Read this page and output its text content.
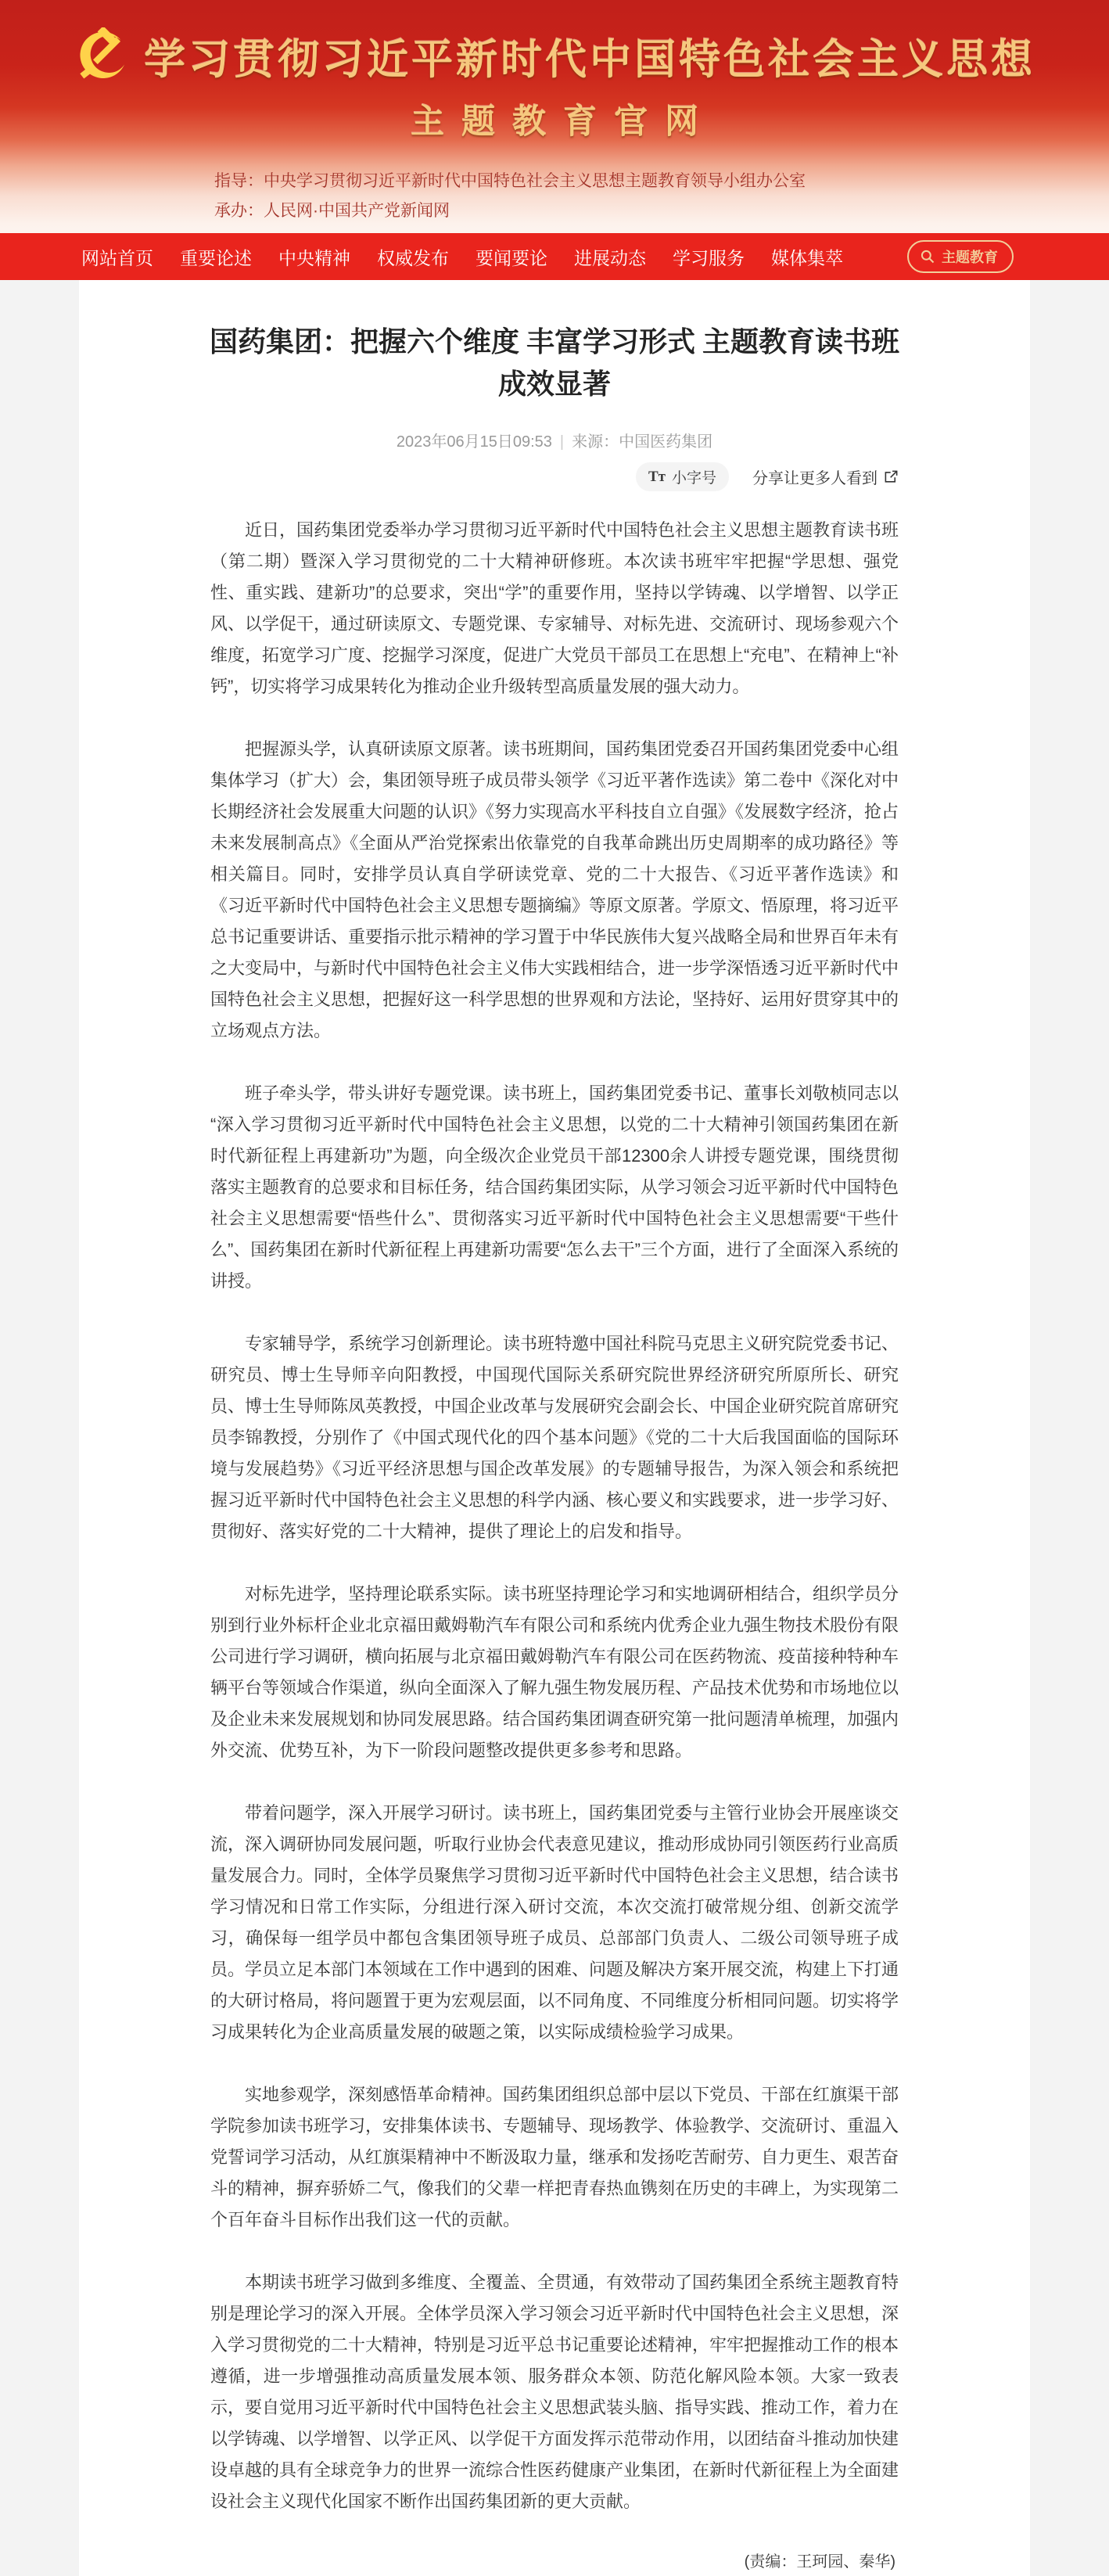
学习贯彻习近平新时代中国特色社会主义思想
主题教育官网
指导：中央学习贯彻习近平新时代中国特色社会主义思想主题教育领导小组办公室
承办：人民网·中国共产党新闻网
网站首页 重要论述 中央精神 权威发布 要闻要论 进展动态 学习服务 媒体集萃	主题教育
国药集团：把握六个维度 丰富学习形式 主题教育读书班成效显著
2023年06月15日09:53 | 来源：中国医药集团
Tᴛ 小字号 分享让更多人看到

近日，国药集团党委举办学习贯彻习近平新时代中国特色社会主义思想主题教育读书班（第二期）暨深入学习贯彻党的二十大精神研修班。本次读书班牢牢把握“学思想、强党性、重实践、建新功”的总要求，突出“学”的重要作用，坚持以学铸魂、以学增智、以学正风、以学促干，通过研读原文、专题党课、专家辅导、对标先进、交流研讨、现场参观六个维度，拓宽学习广度、挖掘学习深度，促进广大党员干部员工在思想上“充电”、在精神上“补钙”，切实将学习成果转化为推动企业升级转型高质量发展的强大动力。

把握源头学，认真研读原文原著。读书班期间，国药集团党委召开国药集团党委中心组集体学习（扩大）会，集团领导班子成员带头领学《习近平著作选读》第二卷中《深化对中长期经济社会发展重大问题的认识》《努力实现高水平科技自立自强》《发展数字经济，抢占未来发展制高点》《全面从严治党探索出依靠党的自我革命跳出历史周期率的成功路径》等相关篇目。同时，安排学员认真自学研读党章、党的二十大报告、《习近平著作选读》和《习近平新时代中国特色社会主义思想专题摘编》等原文原著。学原文、悟原理，将习近平总书记重要讲话、重要指示批示精神的学习置于中华民族伟大复兴战略全局和世界百年未有之大变局中，与新时代中国特色社会主义伟大实践相结合，进一步学深悟透习近平新时代中国特色社会主义思想，把握好这一科学思想的世界观和方法论，坚持好、运用好贯穿其中的立场观点方法。

班子牵头学，带头讲好专题党课。读书班上，国药集团党委书记、董事长刘敬桢同志以“深入学习贯彻习近平新时代中国特色社会主义思想，以党的二十大精神引领国药集团在新时代新征程上再建新功”为题，向全级次企业党员干部12300余人讲授专题党课，围绕贯彻落实主题教育的总要求和目标任务，结合国药集团实际，从学习领会习近平新时代中国特色社会主义思想需要“悟些什么”、贯彻落实习近平新时代中国特色社会主义思想需要“干些什么”、国药集团在新时代新征程上再建新功需要“怎么去干”三个方面，进行了全面深入系统的讲授。

专家辅导学，系统学习创新理论。读书班特邀中国社科院马克思主义研究院党委书记、研究员、博士生导师辛向阳教授，中国现代国际关系研究院世界经济研究所原所长、研究员、博士生导师陈凤英教授，中国企业改革与发展研究会副会长、中国企业研究院首席研究员李锦教授，分别作了《中国式现代化的四个基本问题》《党的二十大后我国面临的国际环境与发展趋势》《习近平经济思想与国企改革发展》的专题辅导报告，为深入领会和系统把握习近平新时代中国特色社会主义思想的科学内涵、核心要义和实践要求，进一步学习好、贯彻好、落实好党的二十大精神，提供了理论上的启发和指导。

对标先进学，坚持理论联系实际。读书班坚持理论学习和实地调研相结合，组织学员分别到行业外标杆企业北京福田戴姆勒汽车有限公司和系统内优秀企业九强生物技术股份有限公司进行学习调研，横向拓展与北京福田戴姆勒汽车有限公司在医药物流、疫苗接种特种车辆平台等领域合作渠道，纵向全面深入了解九强生物发展历程、产品技术优势和市场地位以及企业未来发展规划和协同发展思路。结合国药集团调查研究第一批问题清单梳理，加强内外交流、优势互补，为下一阶段问题整改提供更多参考和思路。

带着问题学，深入开展学习研讨。读书班上，国药集团党委与主管行业协会开展座谈交流，深入调研协同发展问题，听取行业协会代表意见建议，推动形成协同引领医药行业高质量发展合力。同时，全体学员聚焦学习贯彻习近平新时代中国特色社会主义思想，结合读书学习情况和日常工作实际，分组进行深入研讨交流，本次交流打破常规分组、创新交流学习，确保每一组学员中都包含集团领导班子成员、总部部门负责人、二级公司领导班子成员。学员立足本部门本领域在工作中遇到的困难、问题及解决方案开展交流，构建上下打通的大研讨格局，将问题置于更为宏观层面，以不同角度、不同维度分析相同问题。切实将学习成果转化为企业高质量发展的破题之策，以实际成绩检验学习成果。

实地参观学，深刻感悟革命精神。国药集团组织总部中层以下党员、干部在红旗渠干部学院参加读书班学习，安排集体读书、专题辅导、现场教学、体验教学、交流研讨、重温入党誓词学习活动，从红旗渠精神中不断汲取力量，继承和发扬吃苦耐劳、自力更生、艰苦奋斗的精神，摒弃骄娇二气，像我们的父辈一样把青春热血镌刻在历史的丰碑上，为实现第二个百年奋斗目标作出我们这一代的贡献。

本期读书班学习做到多维度、全覆盖、全贯通，有效带动了国药集团全系统主题教育特别是理论学习的深入开展。全体学员深入学习领会习近平新时代中国特色社会主义思想，深入学习贯彻党的二十大精神，特别是习近平总书记重要论述精神，牢牢把握推动工作的根本遵循，进一步增强推动高质量发展本领、服务群众本领、防范化解风险本领。大家一致表示，要自觉用习近平新时代中国特色社会主义思想武装头脑、指导实践、推动工作，着力在以学铸魂、以学增智、以学正风、以学促干方面发挥示范带动作用，以团结奋斗推动加快建设卓越的具有全球竞争力的世界一流综合性医药健康产业集团，在新时代新征程上为全面建设社会主义现代化国家不断作出国药集团新的更大贡献。

(责编：王珂园、秦华)
